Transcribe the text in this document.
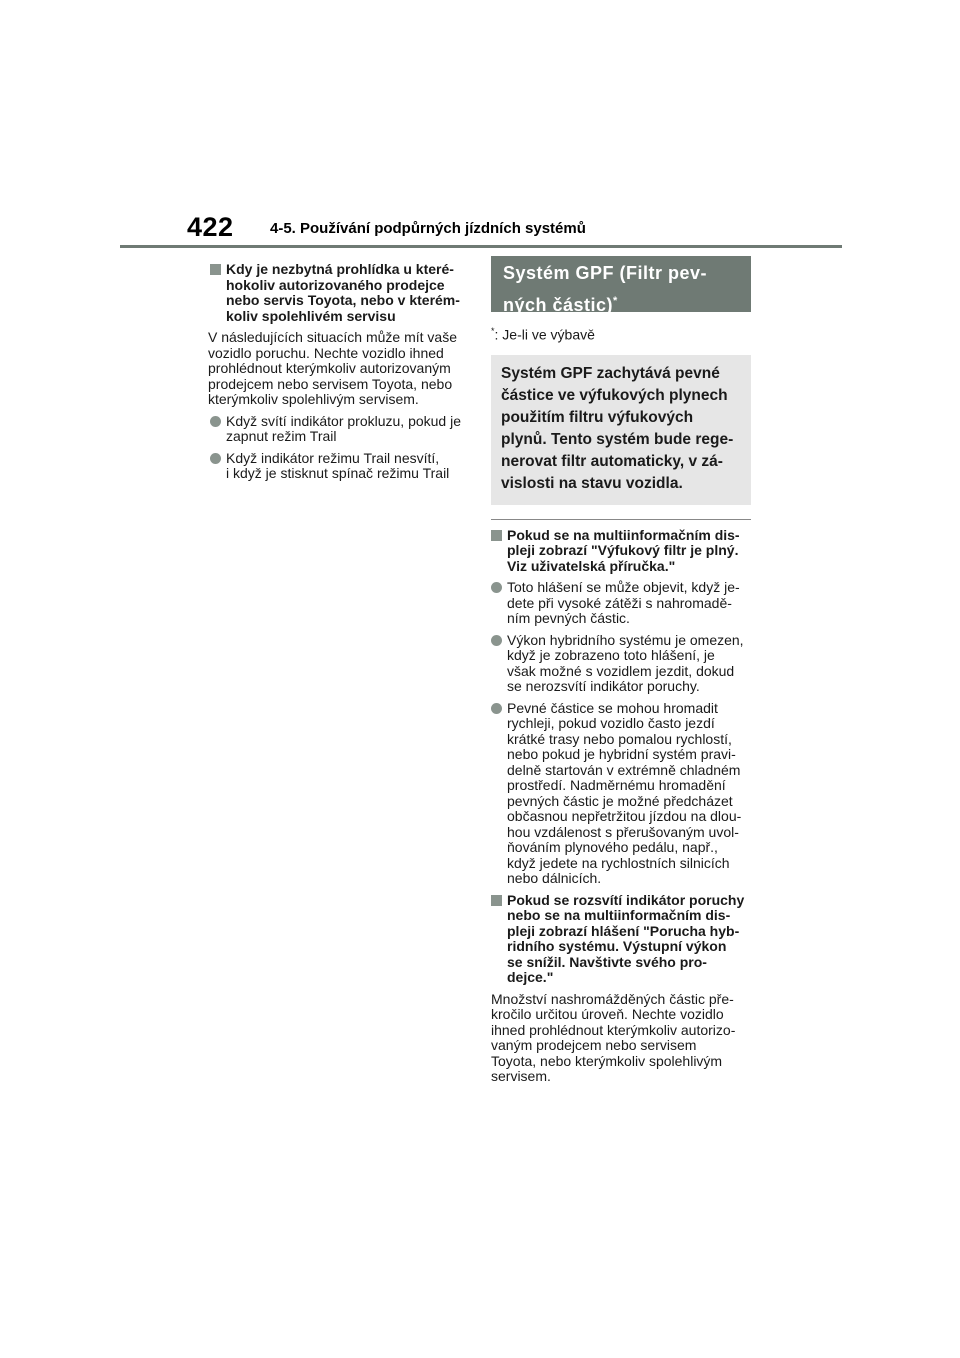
422 4-5. Používání podpůrných jízdních systémů
Kdy je nezbytná prohlídka u které-
hokoliv autorizovaného prodejce
nebo servis Toyota, nebo v kterém-
koliv spolehlivém servisu
V následujících situacích může mít vaše
vozidlo poruchu. Nechte vozidlo ihned
prohlédnout kterýmkoliv autorizovaným
prodejcem nebo servisem Toyota, nebo
kterýmkoliv spolehlivým servisem.
Když svítí indikátor prokluzu, pokud je
zapnut režim Trail
Když indikátor režimu Trail nesvítí,
i když je stisknut spínač režimu Trail
Systém GPF (Filtr pev-
ných částic)*
*: Je-li ve výbavě
Systém GPF zachytává pevné
částice ve výfukových plynech
použitím filtru výfukových
plynů. Tento systém bude rege-
nerovat filtr automaticky, v zá-
vislosti na stavu vozidla.
Pokud se na multiinformačním dis-
pleji zobrazí "Výfukový filtr je plný.
Viz uživatelská příručka."
Toto hlášení se může objevit, když je-
dete při vysoké zátěži s nahromadě-
ním pevných částic.
Výkon hybridního systému je omezen,
když je zobrazeno toto hlášení, je
však možné s vozidlem jezdit, dokud
se nerozsvítí indikátor poruchy.
Pevné částice se mohou hromadit
rychleji, pokud vozidlo často jezdí
krátké trasy nebo pomalou rychlostí,
nebo pokud je hybridní systém pravi-
delně startován v extrémně chladném
prostředí. Nadměrnému hromadění
pevných částic je možné předcházet
občasnou nepřetržitou jízdou na dlou-
hou vzdálenost s přerušovaným uvol-
ňováním plynového pedálu, např.,
když jedete na rychlostních silnicích
nebo dálnicích.
Pokud se rozsvítí indikátor poruchy
nebo se na multiinformačním dis-
pleji zobrazí hlášení "Porucha hyb-
ridního systému. Výstupní výkon
se snížil. Navštivte svého pro-
dejce."
Množství nashromážděných částic pře-
kročilo určitou úroveň. Nechte vozidlo
ihned prohlédnout kterýmkoliv autorizo-
vaným prodejcem nebo servisem
Toyota, nebo kterýmkoliv spolehlivým
servisem.
